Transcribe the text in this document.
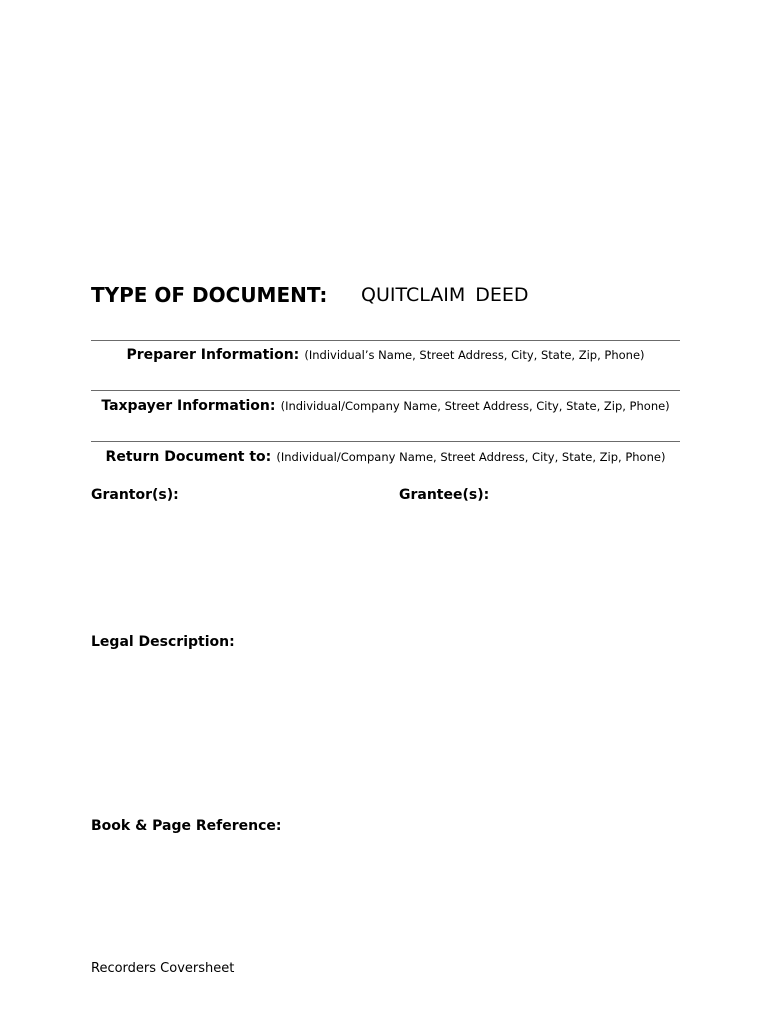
TYPE OF DOCUMENT: QUITCLAIM DEED
Preparer Information: (Individual’s Name, Street Address, City, State, Zip, Phone)
Taxpayer Information: (Individual/Company Name, Street Address, City, State, Zip, Phone)
Return Document to: (Individual/Company Name, Street Address, City, State, Zip, Phone)
Grantor(s):	Grantee(s):
Legal Description:
Book & Page Reference:
Recorders Coversheet
